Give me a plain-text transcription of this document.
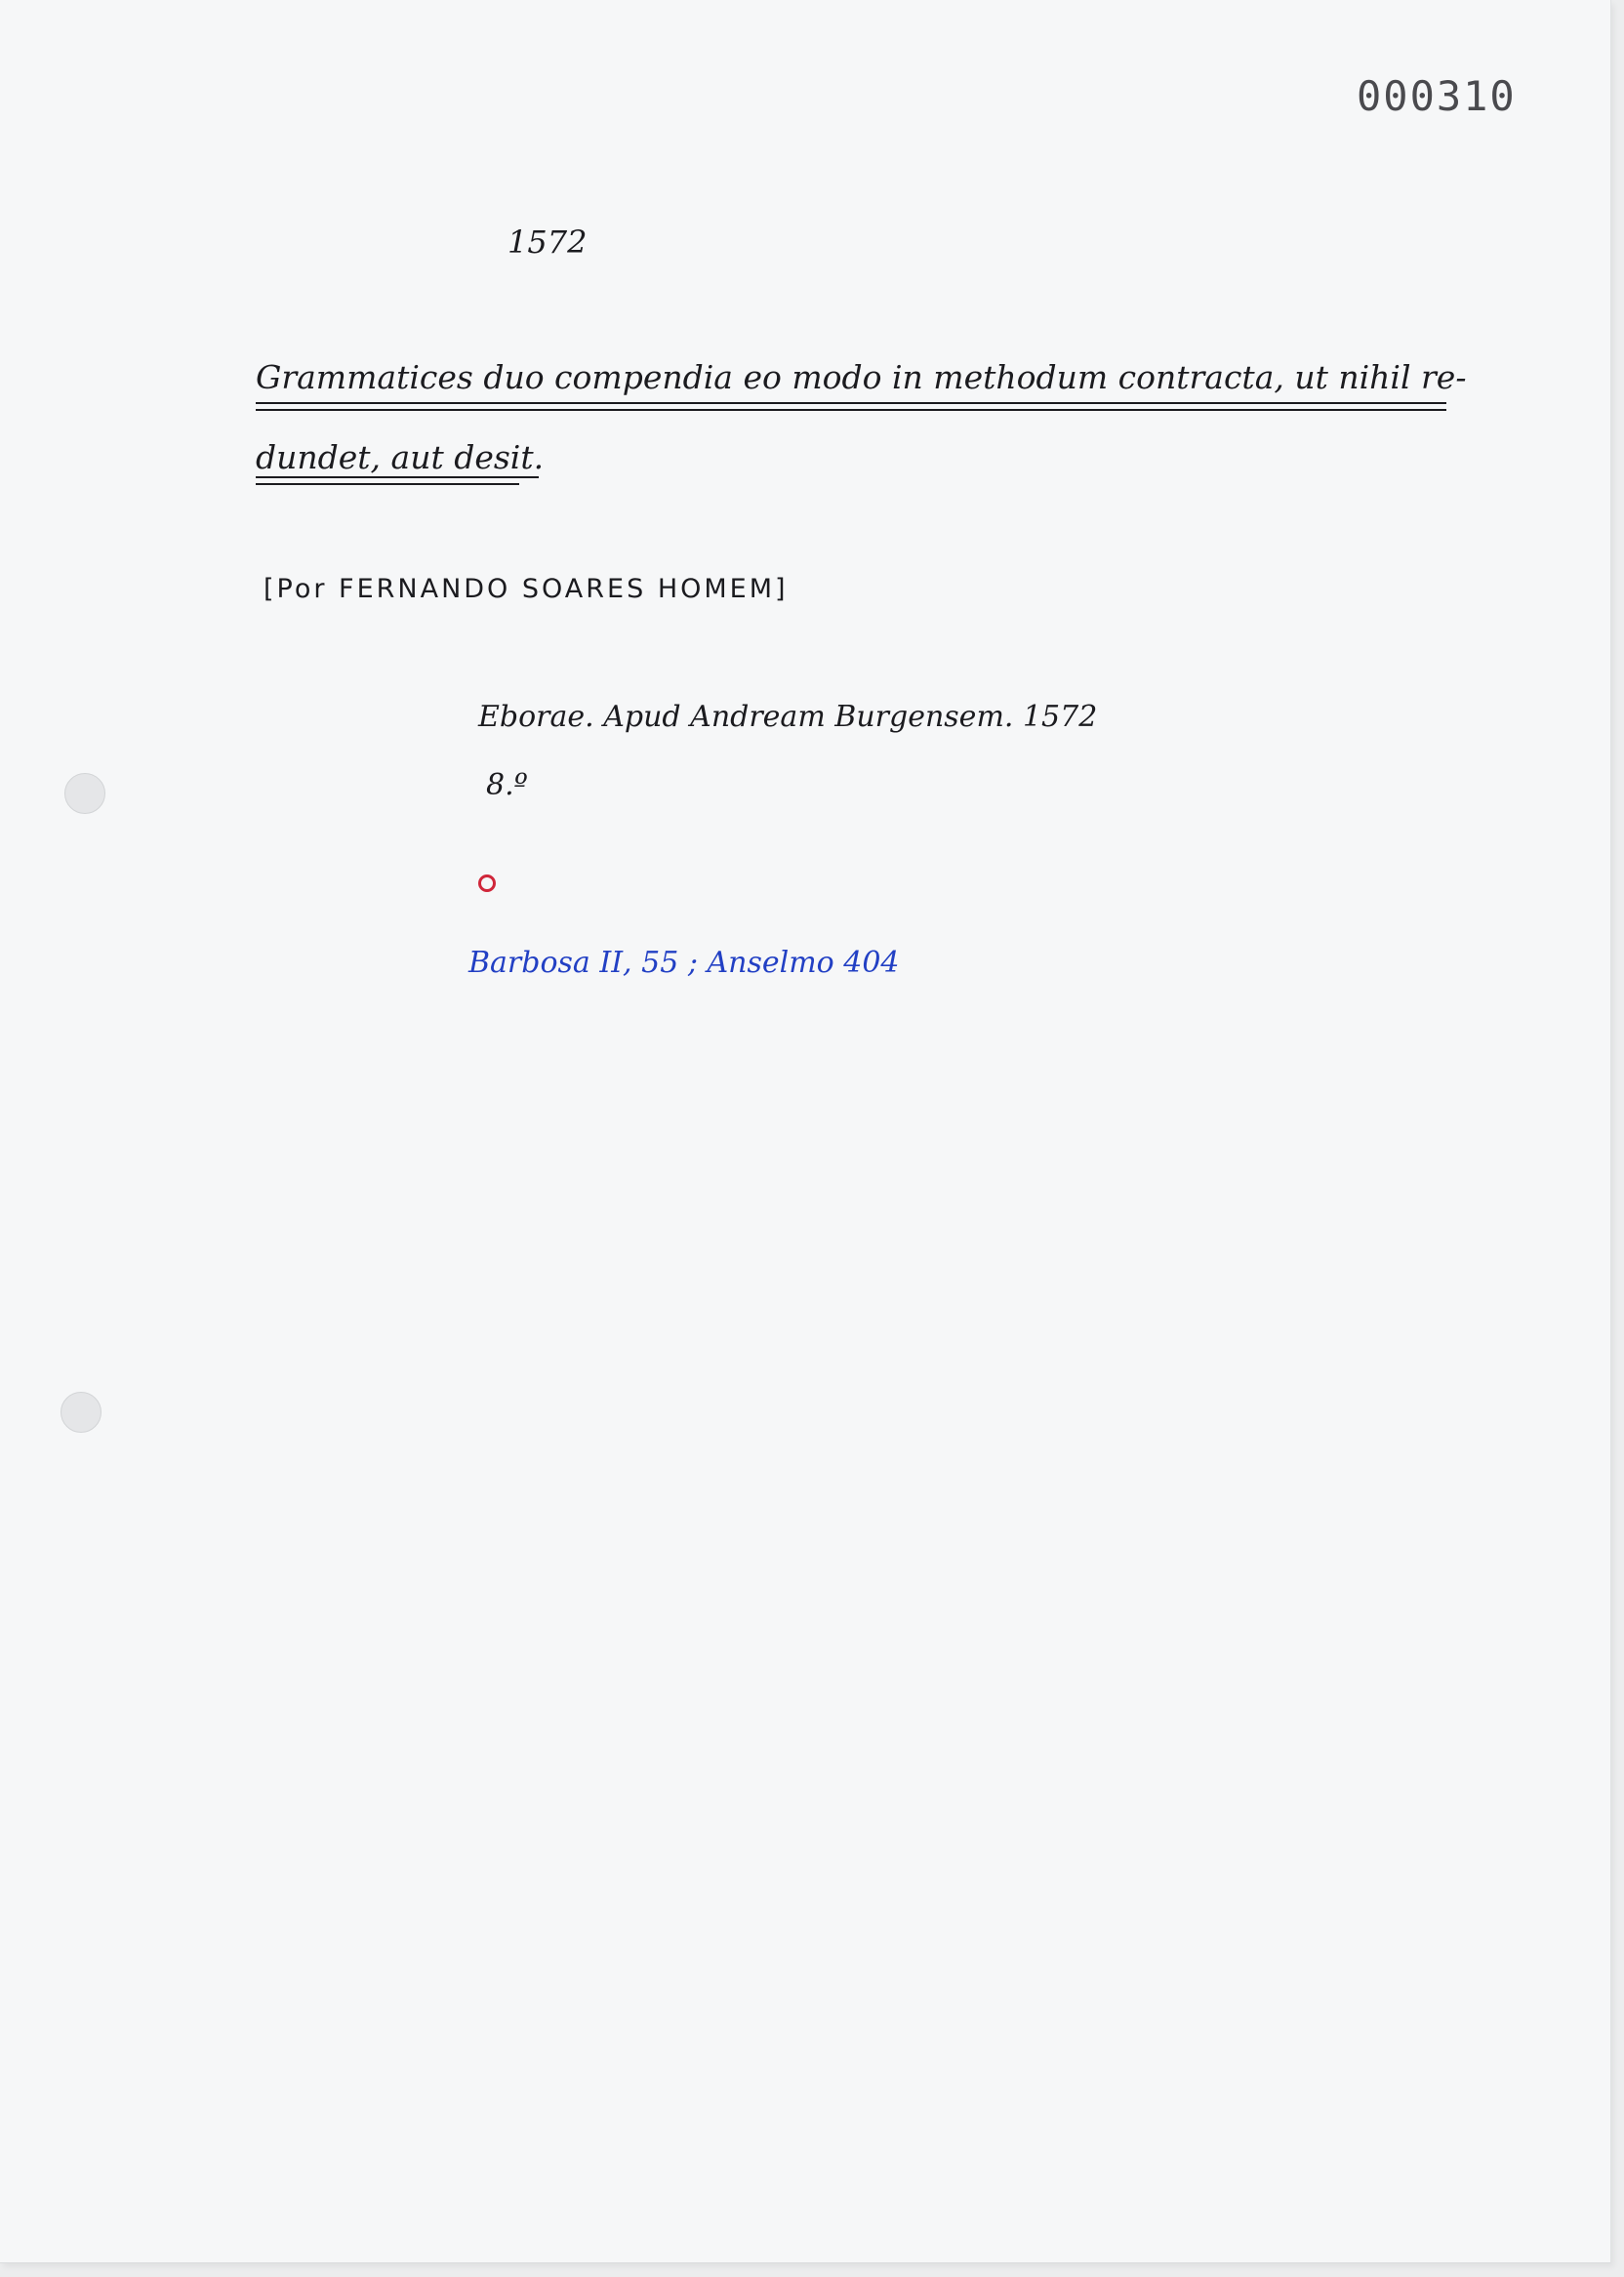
000310
1572
Grammatices duo compendia eo modo in methodum contracta, ut nihil re-
dundet, aut desit.
[Por FERNANDO SOARES HOMEM]
Eborae. Apud Andream Burgensem. 1572
8.º
Barbosa II, 55 ; Anselmo 404
